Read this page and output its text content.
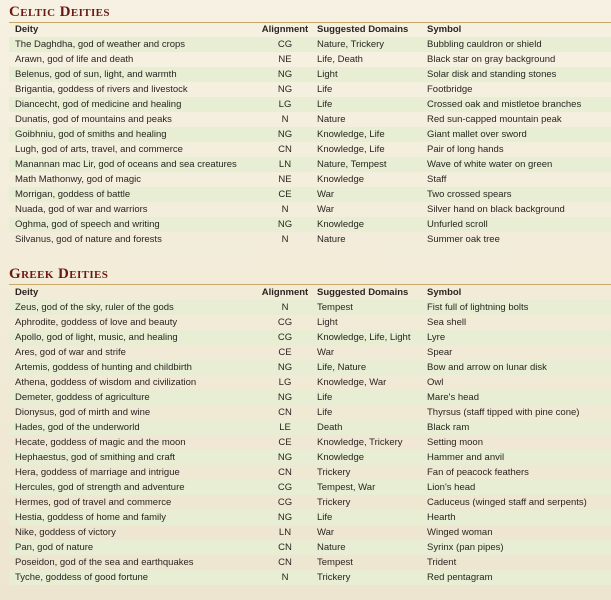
Celtic Deities
Deity	Alignment	Suggested Domains	Symbol
The Daghdha, god of weather and crops	CG	Nature, Trickery	Bubbling cauldron or shield
Arawn, god of life and death	NE	Life, Death	Black star on gray background
Belenus, god of sun, light, and warmth	NG	Light	Solar disk and standing stones
Brigantia, goddess of rivers and livestock	NG	Life	Footbridge
Diancecht, god of medicine and healing	LG	Life	Crossed oak and mistletoe branches
Dunatis, god of mountains and peaks	N	Nature	Red sun-capped mountain peak
Goibhniu, god of smiths and healing	NG	Knowledge, Life	Giant mallet over sword
Lugh, god of arts, travel, and commerce	CN	Knowledge, Life	Pair of long hands
Manannan mac Lir, god of oceans and sea creatures	LN	Nature, Tempest	Wave of white water on green
Math Mathonwy, god of magic	NE	Knowledge	Staff
Morrigan, goddess of battle	CE	War	Two crossed spears
Nuada, god of war and warriors	N	War	Silver hand on black background
Oghma, god of speech and writing	NG	Knowledge	Unfurled scroll
Silvanus, god of nature and forests	N	Nature	Summer oak tree
Greek Deities
Deity	Alignment	Suggested Domains	Symbol
Zeus, god of the sky, ruler of the gods	N	Tempest	Fist full of lightning bolts
Aphrodite, goddess of love and beauty	CG	Light	Sea shell
Apollo, god of light, music, and healing	CG	Knowledge, Life, Light	Lyre
Ares, god of war and strife	CE	War	Spear
Artemis, goddess of hunting and childbirth	NG	Life, Nature	Bow and arrow on lunar disk
Athena, goddess of wisdom and civilization	LG	Knowledge, War	Owl
Demeter, goddess of agriculture	NG	Life	Mare's head
Dionysus, god of mirth and wine	CN	Life	Thyrsus (staff tipped with pine cone)
Hades, god of the underworld	LE	Death	Black ram
Hecate, goddess of magic and the moon	CE	Knowledge, Trickery	Setting moon
Hephaestus, god of smithing and craft	NG	Knowledge	Hammer and anvil
Hera, goddess of marriage and intrigue	CN	Trickery	Fan of peacock feathers
Hercules, god of strength and adventure	CG	Tempest, War	Lion's head
Hermes, god of travel and commerce	CG	Trickery	Caduceus (winged staff and serpents)
Hestia, goddess of home and family	NG	Life	Hearth
Nike, goddess of victory	LN	War	Winged woman
Pan, god of nature	CN	Nature	Syrinx (pan pipes)
Poseidon, god of the sea and earthquakes	CN	Tempest	Trident
Tyche, goddess of good fortune	N	Trickery	Red pentagram
